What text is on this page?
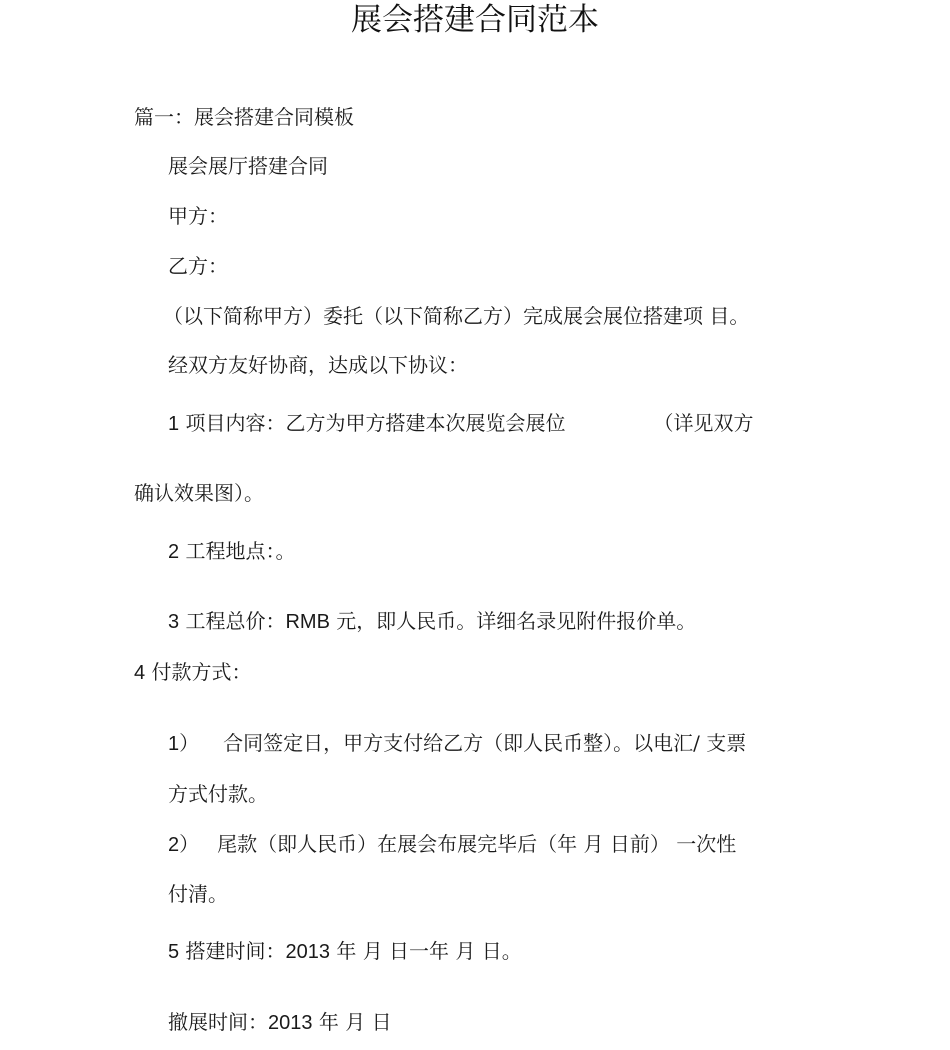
展会搭建合同范本
篇一：展会搭建合同模板
展会展厅搭建合同
甲方：
乙方：
（以下简称甲方）委托（以下简称乙方）完成展会展位搭建项 目。
经双方友好协商，达成以下协议：
1 项目内容：乙方为甲方搭建本次展览会展位	（详见双方
确认效果图）。
2 工程地点：。
3 工程总价：RMB 元，即人民币。详细名录见附件报价单。
4 付款方式：
1） 合同签定日，甲方支付给乙方（即人民币整）。以电汇/ 支票
方式付款。
2） 尾款（即人民币）在展会布展完毕后（年 月 日前） 一次性
付清。
5 搭建时间：2013 年 月 日一年 月 日。
撤展时间：2013 年 月 日
